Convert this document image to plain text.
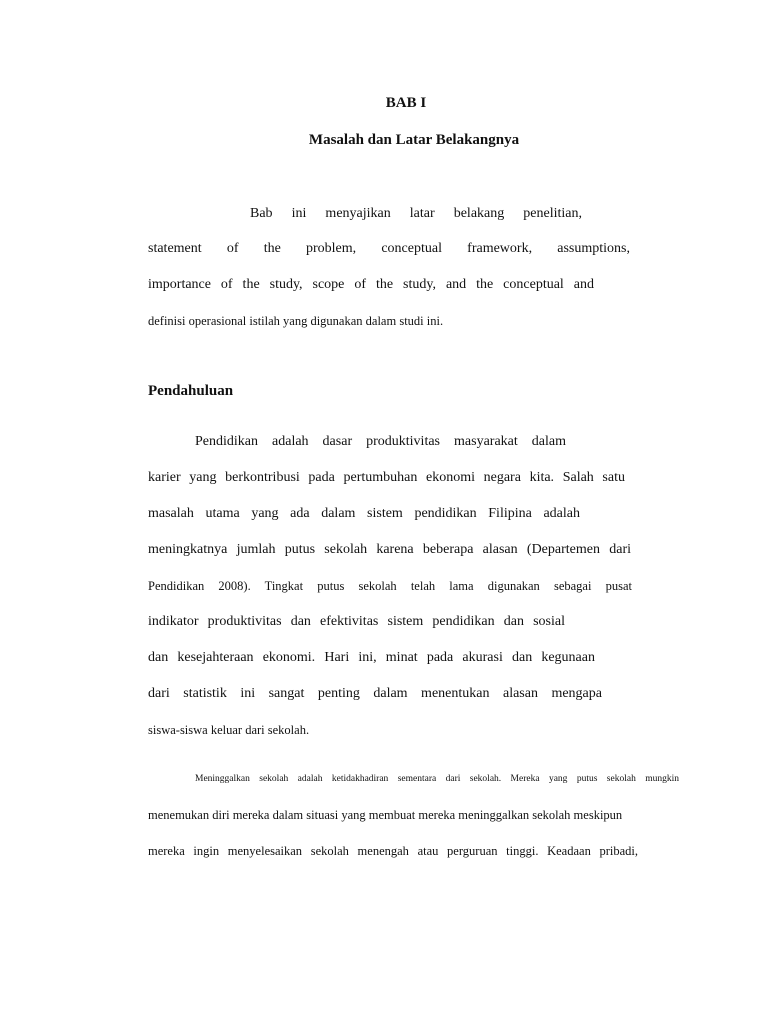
BAB I
Masalah dan Latar Belakangnya
Bab ini menyajikan latar belakang penelitian,
statement of the problem, conceptual framework, assumptions,
importance of the study, scope of the study, and the conceptual and
definisi operasional istilah yang digunakan dalam studi ini.
Pendahuluan
Pendidikan adalah dasar produktivitas masyarakat dalam
karier yang berkontribusi pada pertumbuhan ekonomi negara kita. Salah satu
masalah utama yang ada dalam sistem pendidikan Filipina adalah
meningkatnya jumlah putus sekolah karena beberapa alasan (Departemen dari
Pendidikan 2008). Tingkat putus sekolah telah lama digunakan sebagai pusat
indikator produktivitas dan efektivitas sistem pendidikan dan sosial
dan kesejahteraan ekonomi. Hari ini, minat pada akurasi dan kegunaan
dari statistik ini sangat penting dalam menentukan alasan mengapa
siswa-siswa keluar dari sekolah.
Meninggalkan sekolah adalah ketidakhadiran sementara dari sekolah. Mereka yang putus sekolah mungkin
menemukan diri mereka dalam situasi yang membuat mereka meninggalkan sekolah meskipun
mereka ingin menyelesaikan sekolah menengah atau perguruan tinggi. Keadaan pribadi,
